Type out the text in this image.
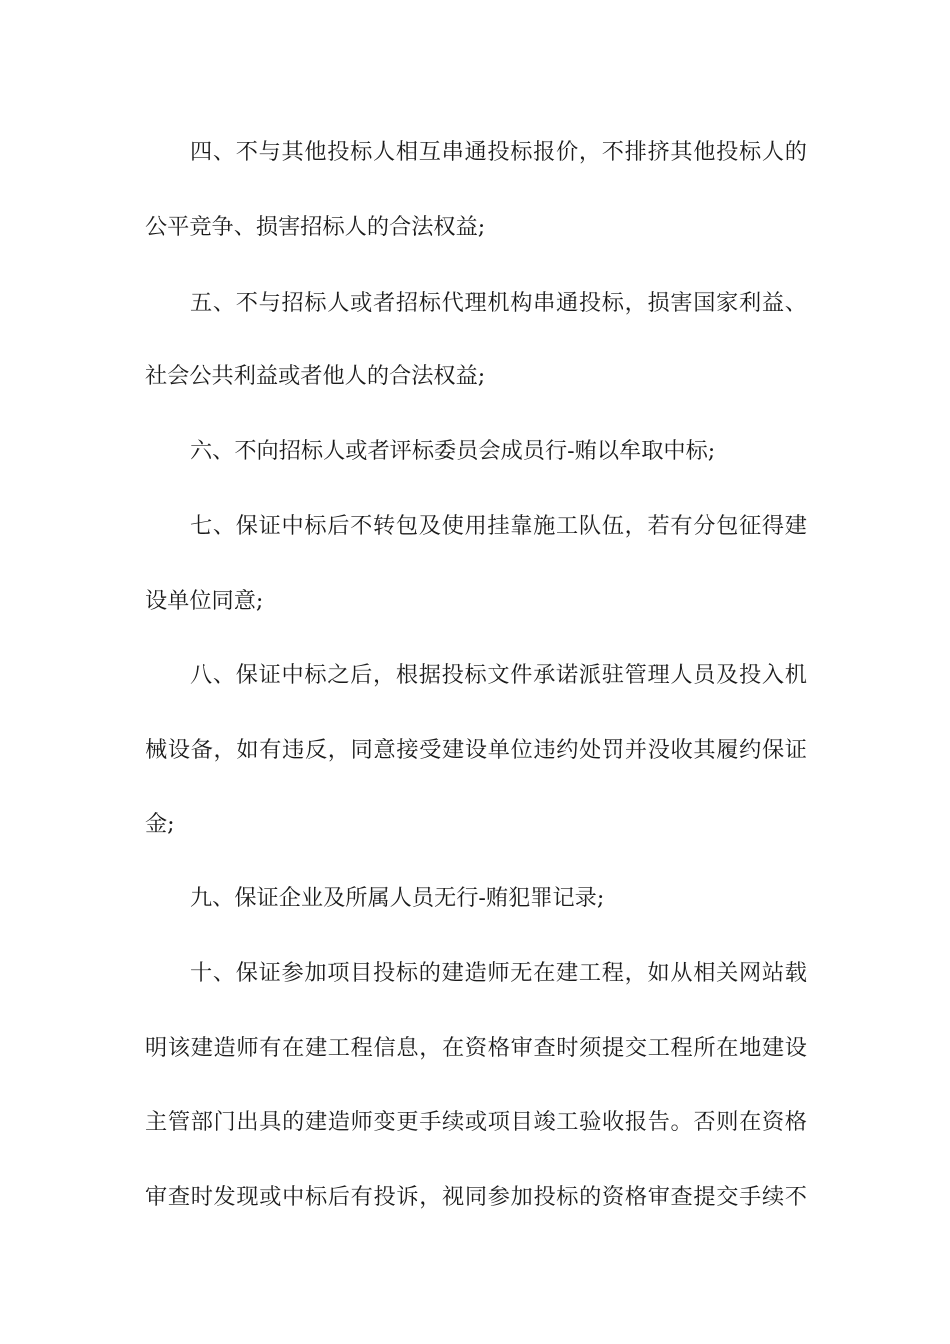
四、不与其他投标人相互串通投标报价，不排挤其他投标人的
公平竞争、损害招标人的合法权益;
五、不与招标人或者招标代理机构串通投标，损害国家利益、
社会公共利益或者他人的合法权益;
六、不向招标人或者评标委员会成员行-贿以牟取中标;
七、保证中标后不转包及使用挂靠施工队伍，若有分包征得建
设单位同意;
八、保证中标之后，根据投标文件承诺派驻管理人员及投入机
械设备，如有违反，同意接受建设单位违约处罚并没收其履约保证
金;
九、保证企业及所属人员无行-贿犯罪记录;
十、保证参加项目投标的建造师无在建工程，如从相关网站载
明该建造师有在建工程信息，在资格审查时须提交工程所在地建设
主管部门出具的建造师变更手续或项目竣工验收报告。否则在资格
审查时发现或中标后有投诉，视同参加投标的资格审查提交手续不
